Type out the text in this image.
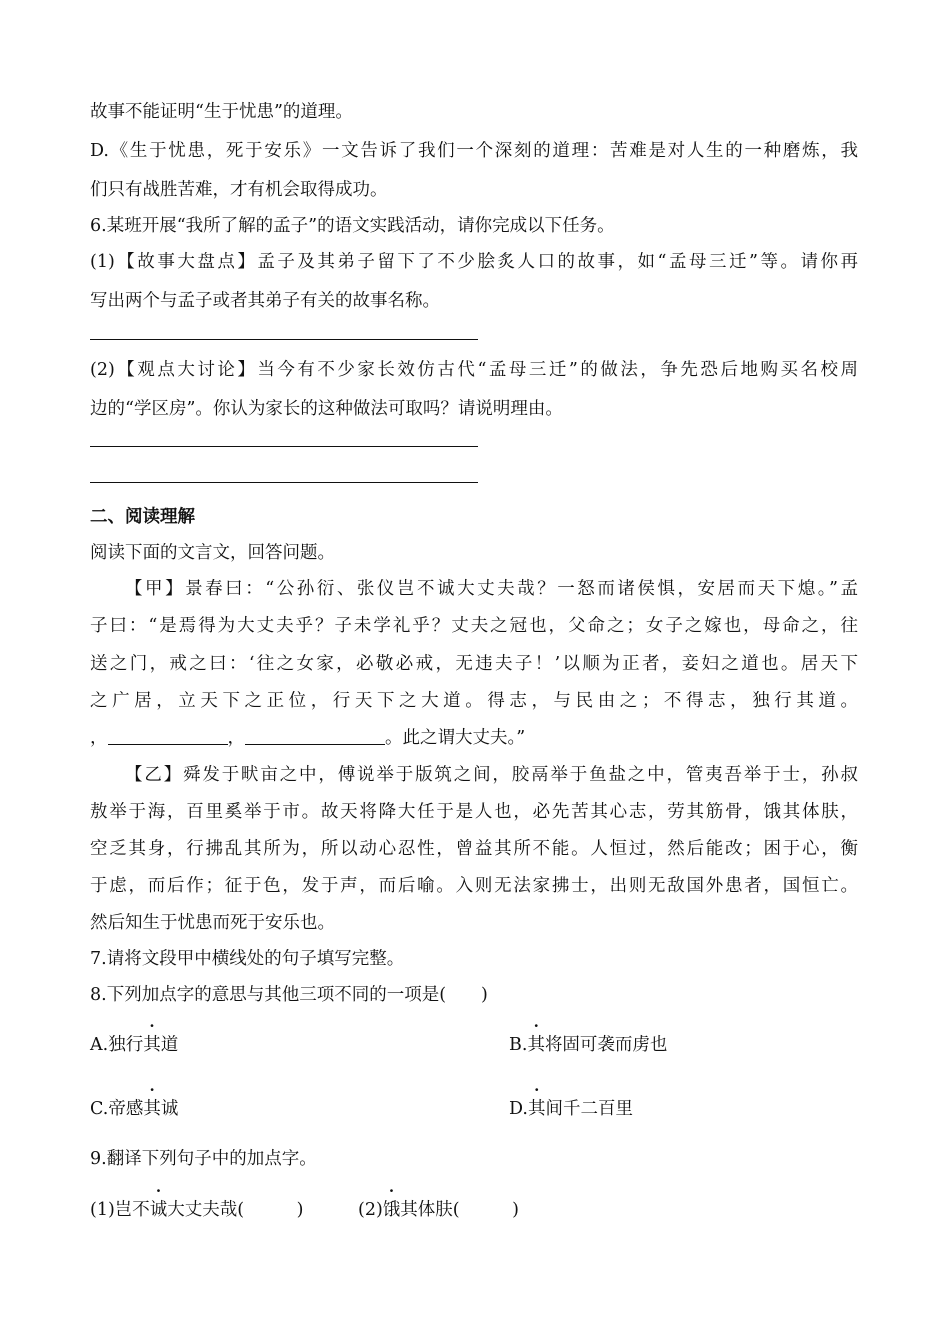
故事不能证明“生于忧患”的道理。
D.《生于忧患，死于安乐》一文告诉了我们一个深刻的道理：苦难是对人生的一种磨炼，我
们只有战胜苦难，才有机会取得成功。
6.某班开展“我所了解的孟子”的语文实践活动，请你完成以下任务。
(1)【故事大盘点】孟子及其弟子留下了不少脍炙人口的故事，如“孟母三迁”等。请你再
写出两个与孟子或者其弟子有关的故事名称。
(2)【观点大讨论】当今有不少家长效仿古代“孟母三迁”的做法，争先恐后地购买名校周
边的“学区房”。你认为家长的这种做法可取吗？请说明理由。
二、阅读理解
阅读下面的文言文，回答问题。
【甲】景春曰：“公孙衍、张仪岂不诚大丈夫哉？一怒而诸侯惧，安居而天下熄。”孟
子曰：“是焉得为大丈夫乎？子未学礼乎？丈夫之冠也，父命之；女子之嫁也，母命之，往
送之门，戒之曰：‘往之女家，必敬必戒，无违夫子！’以顺为正者，妾妇之道也。居天下
之广居，立天下之正位，行天下之大道。得志，与民由之；不得志，独行其道。
，	，	。此之谓大丈夫。”
【乙】舜发于畎亩之中，傅说举于版筑之间，胶鬲举于鱼盐之中，管夷吾举于士，孙叔
敖举于海，百里奚举于市。故天将降大任于是人也，必先苦其心志，劳其筋骨，饿其体肤，
空乏其身，行拂乱其所为，所以动心忍性，曾益其所不能。人恒过，然后能改；困于心，衡
于虑，而后作；征于色，发于声，而后喻。入则无法家拂士，出则无敌国外患者，国恒亡。
然后知生于忧患而死于安乐也。
7.请将文段甲中横线处的句子填写完整。
8.下列加点字的意思与其他三项不同的一项是(　　)
A.独行其道	B.其将固可袭而虏也
C.帝感其诚	D.其间千二百里
9.翻译下列句子中的加点字。
(1)岂不诚大丈夫哉(　　　)	(2)饿其体肤(　　　)
